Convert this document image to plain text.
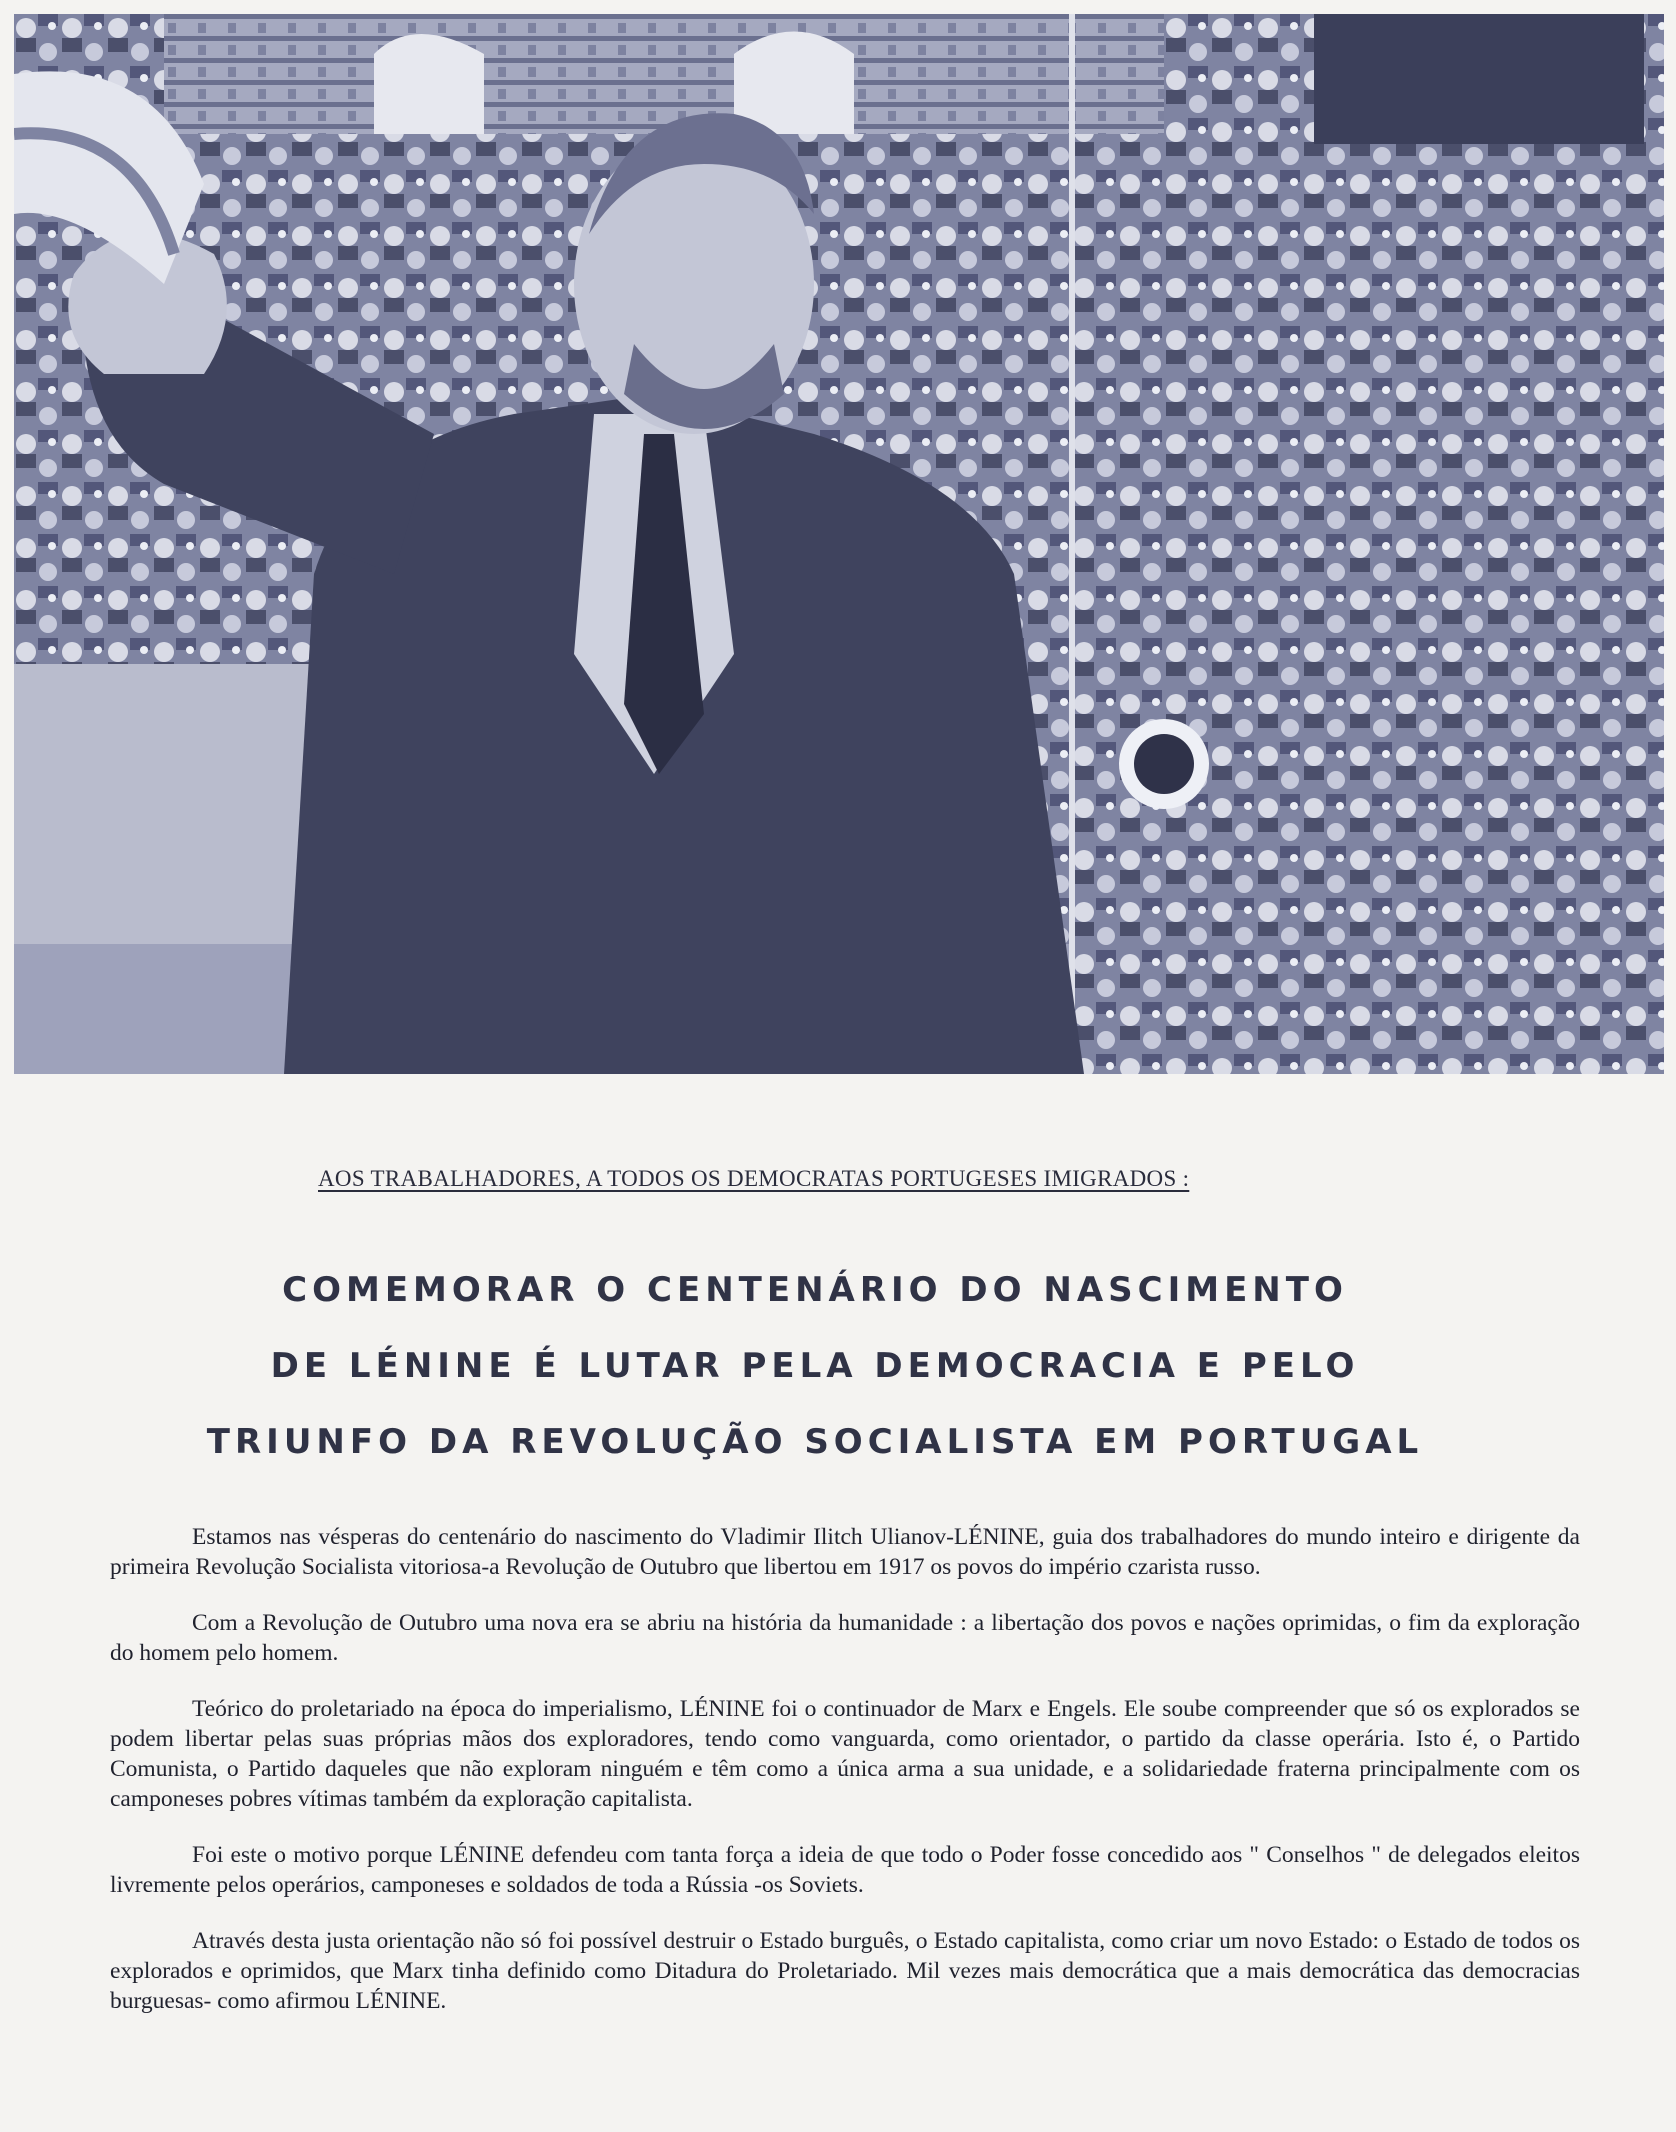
AOS TRABALHADORES, A TODOS OS DEMOCRATAS PORTUGESES IMIGRADOS :
COMEMORAR O CENTENÁRIO DO NASCIMENTO
DE LÉNINE É LUTAR PELA DEMOCRACIA E PELO
TRIUNFO DA REVOLUÇÃO SOCIALISTA EM PORTUGAL

Estamos nas vésperas do centenário do nascimento do Vladimir Ilitch Ulianov-LÉNINE, guia dos trabalhadores do mundo inteiro e dirigente da primeira Revolução Socialista vitoriosa-a Revolução de Outubro que libertou em 1917 os povos do império czarista russo.

Com a Revolução de Outubro uma nova era se abriu na história da humanidade : a libertação dos povos e nações oprimidas, o fim da exploração do homem pelo homem.

Teórico do proletariado na época do imperialismo, LÉNINE foi o continuador de Marx e Engels. Ele soube compreender que só os explorados se podem libertar pelas suas próprias mãos dos exploradores, tendo como vanguarda, como orientador, o partido da classe operária. Isto é, o Partido Comunista, o Partido daqueles que não exploram ninguém e têm como a única arma a sua unidade, e a solidariedade fraterna principalmente com os camponeses pobres vítimas também da exploração capitalista.

Foi este o motivo porque LÉNINE defendeu com tanta força a ideia de que todo o Poder fosse concedido aos " Conselhos " de delegados eleitos livremente pelos operários, camponeses e soldados de toda a Rússia -os Soviets.

Através desta justa orientação não só foi possível destruir o Estado burguês, o Estado capitalista, como criar um novo Estado: o Estado de todos os explorados e oprimidos, que Marx tinha definido como Ditadura do Proletariado. Mil vezes mais democrática que a mais democrática das democracias burguesas- como afirmou LÉNINE.
